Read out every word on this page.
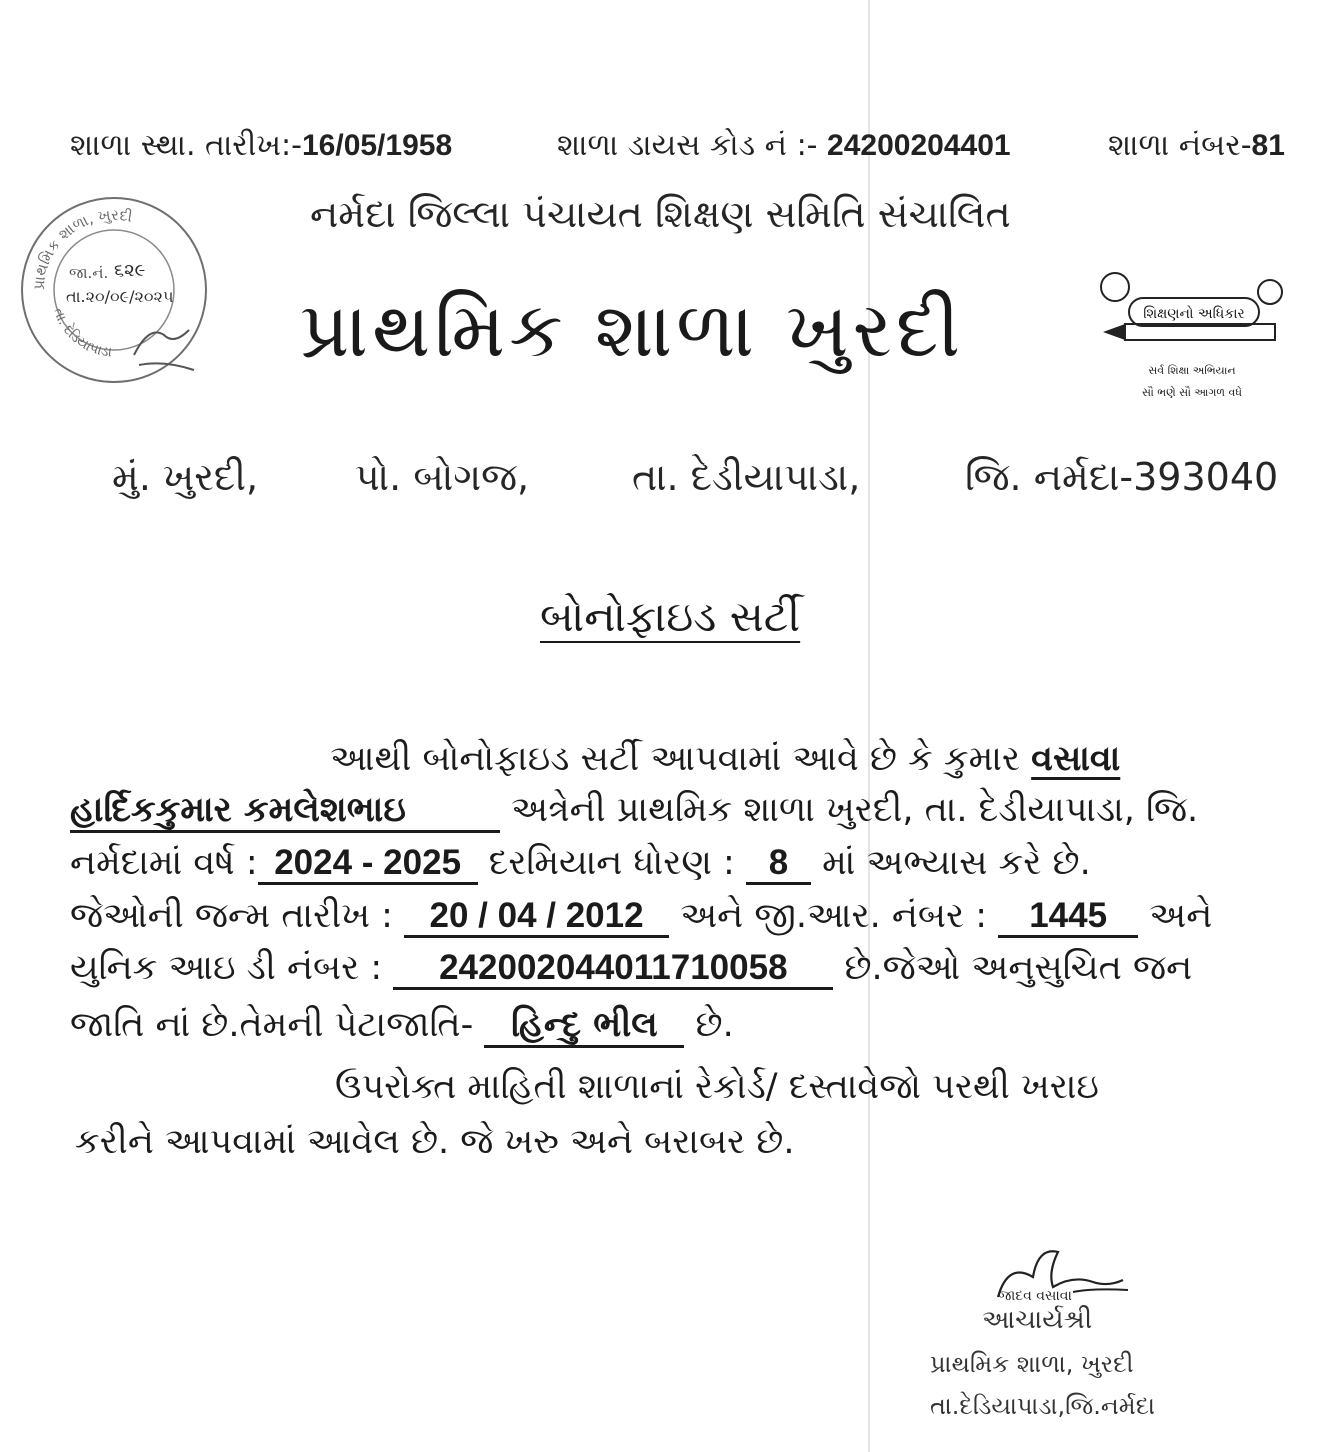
શાળા સ્થા. તારીખ:-16/05/1958	શાળા ડાયસ કોડ નં :- 24200204401	શાળા નંબર-81
નર્મદા જિલ્લા પંચાયત શિક્ષણ સમિતિ સંચાલિત
પ્રાથમિક શાળા ખુરદી
પ્રાથમિક શાળા, ખુરદી
તા. દેડિયાપાડા
જા.નં. ૬૨૯
તા.૨૦/૦૯/૨૦૨૫
શિક્ષણનો અધિકાર
સર્વ શિક્ષા અભિયાન
સૌ ભણે સૌ આગળ વધે
મું. ખુરદી,	પો. બોગજ,	તા. દેડીયાપાડા,	જિ. નર્મદા-393040
બોનોફાઇડ સર્ટી
આથી બોનોફાઇડ સર્ટી આપવામાં આવે છે કે કુમાર વસાવા
હાર્દિકકુમાર કમલેશભાઇ	અત્રેની પ્રાથમિક શાળા ખુરદી, તા. દેડીયાપાડા, જિ.
નર્મદામાં વર્ષ : 2024 - 2025 દરમિયાન ધોરણ : 8 માં અભ્યાસ કરે છે.
જેઓની જન્મ તારીખ : 20 / 04 / 2012 અને જી.આર. નંબર : 1445 અને
યુનિક આઇ ડી નંબર : 242002044011710058 છે.જેઓ અનુસુચિત જન
જાતિ નાં છે.તેમની પેટાજાતિ- હિન્દુ ભીલ છે.
ઉપરોક્ત માહિતી શાળાનાં રેકોર્ડ/ દસ્તાવેજો પરથી ખરાઇ
કરીને આપવામાં આવેલ છે. જે ખરુ અને બરાબર છે.
જાદવ વસાવા
આચાર્યશ્રી
પ્રાથમિક શાળા, ખુરદી
તા.દેડિયાપાડા,જિ.નર્મદા
